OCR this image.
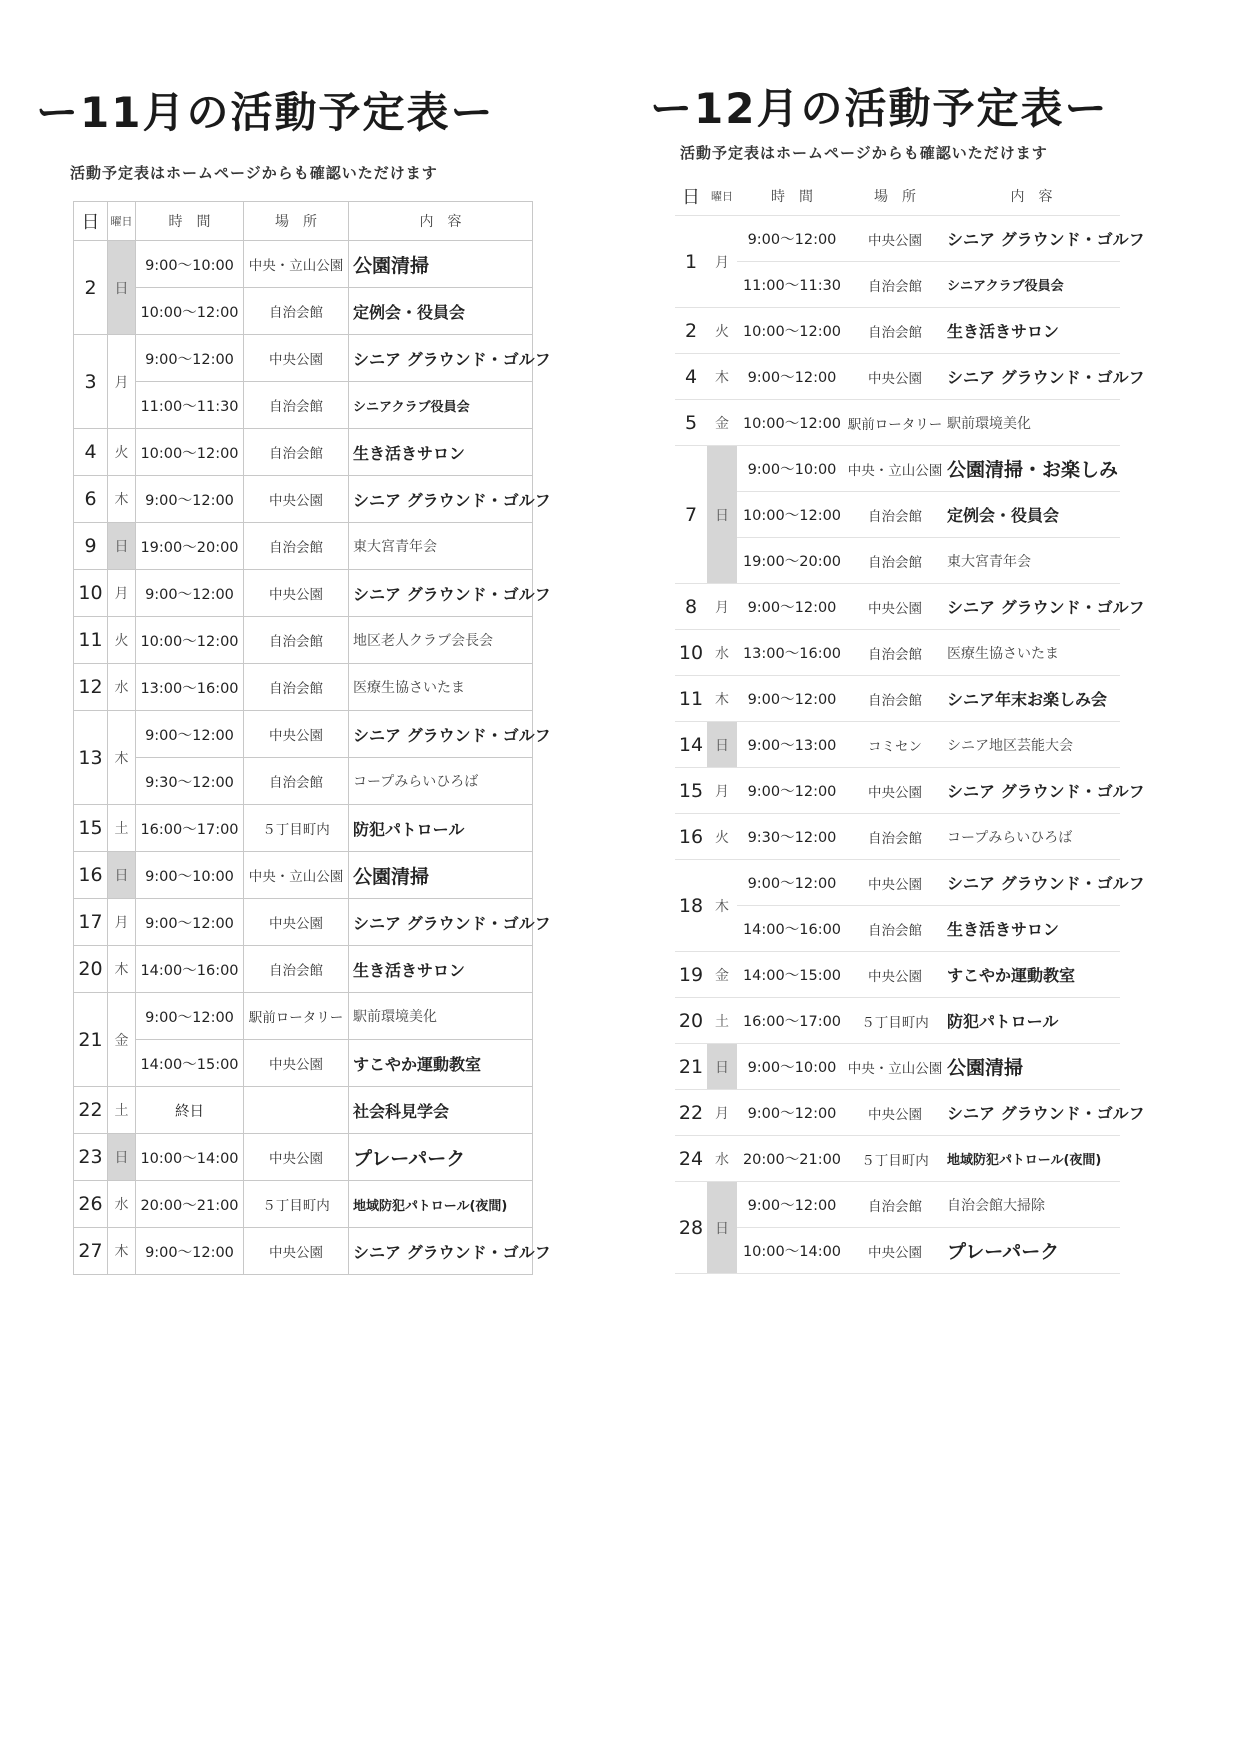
ー11月の活動予定表ー
活動予定表はホームページからも確認いただけます
日	曜日	時　間	場　所	内　容
2	日	9:00～10:00	中央・立山公園	公園清掃
		10:00～12:00	自治会館	定例会・役員会
3	月	9:00～12:00	中央公園	シニア グラウンド・ゴルフ
		11:00～11:30	自治会館	シニアクラブ役員会
4	火	10:00～12:00	自治会館	生き活きサロン
6	木	9:00～12:00	中央公園	シニア グラウンド・ゴルフ
9	日	19:00～20:00	自治会館	東大宮青年会
10	月	9:00～12:00	中央公園	シニア グラウンド・ゴルフ
11	火	10:00～12:00	自治会館	地区老人クラブ会長会
12	水	13:00～16:00	自治会館	医療生協さいたま
13	木	9:00～12:00	中央公園	シニア グラウンド・ゴルフ
		9:30～12:00	自治会館	コープみらいひろば
15	土	16:00～17:00	５丁目町内	防犯パトロール
16	日	9:00～10:00	中央・立山公園	公園清掃
17	月	9:00～12:00	中央公園	シニア グラウンド・ゴルフ
20	木	14:00～16:00	自治会館	生き活きサロン
21	金	9:00～12:00	駅前ロータリー	駅前環境美化
		14:00～15:00	中央公園	すこやか運動教室
22	土	終日		社会科見学会
23	日	10:00～14:00	中央公園	プレーパーク
26	水	20:00～21:00	５丁目町内	地域防犯パトロール(夜間)
27	木	9:00～12:00	中央公園	シニア グラウンド・ゴルフ
ー12月の活動予定表ー
活動予定表はホームページからも確認いただけます
日	曜日	時　間	場　所	内　容
1	月	9:00～12:00	中央公園	シニア グラウンド・ゴルフ
		11:00～11:30	自治会館	シニアクラブ役員会
2	火	10:00～12:00	自治会館	生き活きサロン
4	木	9:00～12:00	中央公園	シニア グラウンド・ゴルフ
5	金	10:00～12:00	駅前ロータリー	駅前環境美化
7	日	9:00～10:00	中央・立山公園	公園清掃・お楽しみ
		10:00～12:00	自治会館	定例会・役員会
		19:00～20:00	自治会館	東大宮青年会
8	月	9:00～12:00	中央公園	シニア グラウンド・ゴルフ
10	水	13:00～16:00	自治会館	医療生協さいたま
11	木	9:00～12:00	自治会館	シニア年末お楽しみ会
14	日	9:00～13:00	コミセン	シニア地区芸能大会
15	月	9:00～12:00	中央公園	シニア グラウンド・ゴルフ
16	火	9:30～12:00	自治会館	コープみらいひろば
18	木	9:00～12:00	中央公園	シニア グラウンド・ゴルフ
		14:00～16:00	自治会館	生き活きサロン
19	金	14:00～15:00	中央公園	すこやか運動教室
20	土	16:00～17:00	５丁目町内	防犯パトロール
21	日	9:00～10:00	中央・立山公園	公園清掃
22	月	9:00～12:00	中央公園	シニア グラウンド・ゴルフ
24	水	20:00～21:00	５丁目町内	地域防犯パトロール(夜間)
28	日	9:00～12:00	自治会館	自治会館大掃除
		10:00～14:00	中央公園	プレーパーク
